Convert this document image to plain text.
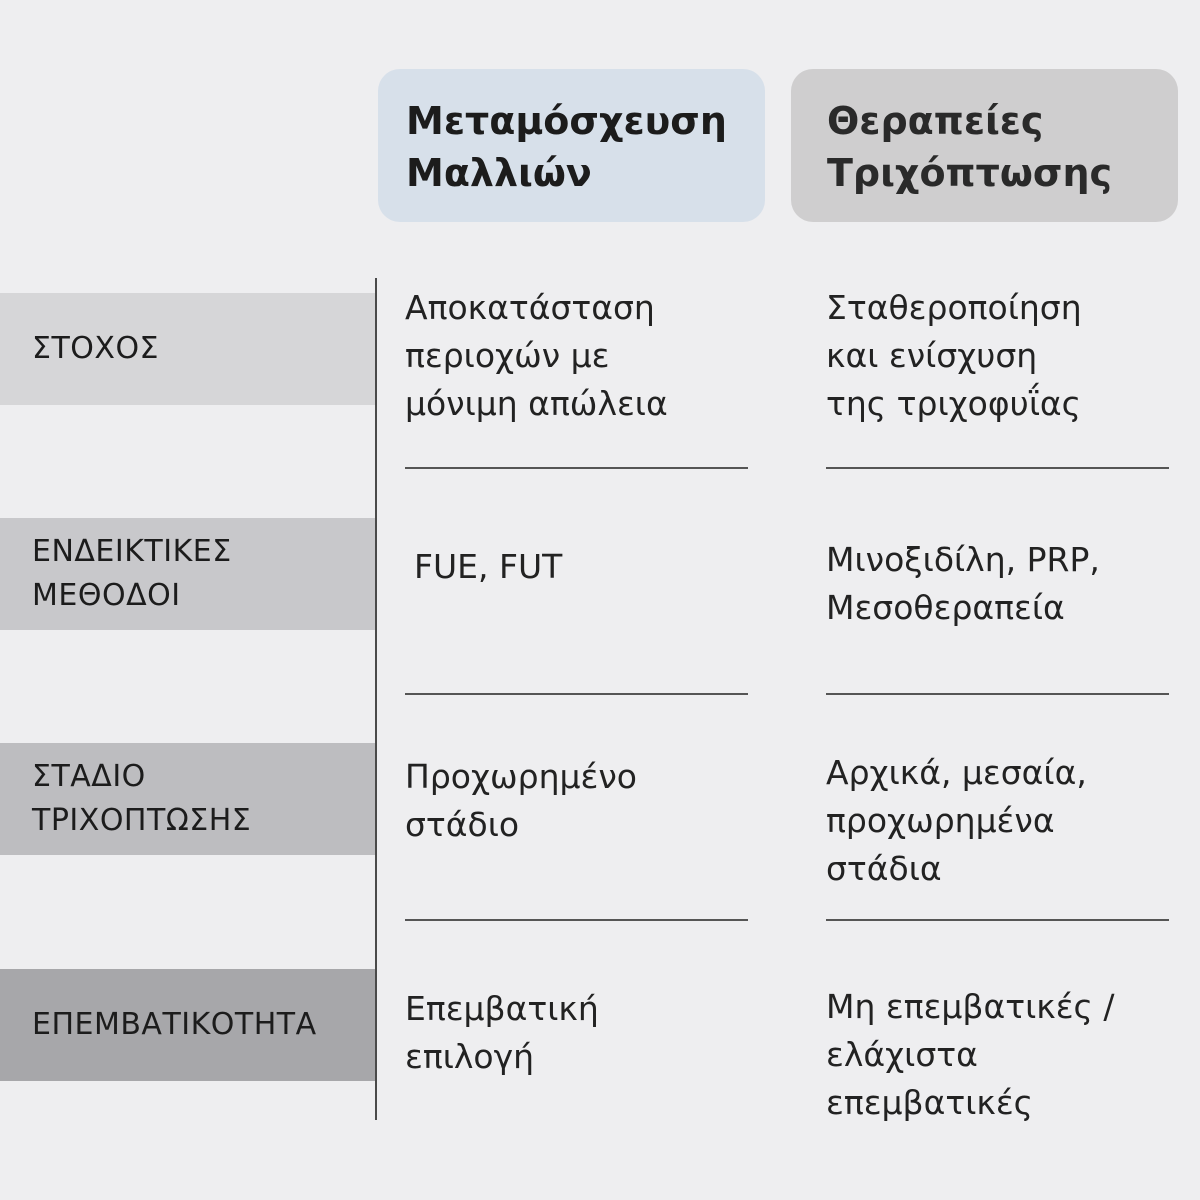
Μεταμόσχευση
Μαλλιών
Θεραπείες
Τριχόπτωσης
ΣΤΟΧΟΣ
Αποκατάσταση
περιοχών με
μόνιμη απώλεια
Σταθεροποίηση
και ενίσχυση
της τριχοφυΐας
ΕΝΔΕΙΚΤΙΚΕΣ
ΜΕΘΟΔΟΙ
FUE, FUT	Μινοξιδίλη, PRP,
Μεσοθεραπεία
ΣΤΑΔΙΟ
ΤΡΙΧΟΠΤΩΣΗΣ
Προχωρημένο
στάδιο
Αρχικά, μεσαία,
προχωρημένα
στάδια
ΕΠΕΜΒΑΤΙΚΟΤΗΤΑ	Επεμβατική
επιλογή
Μη επεμβατικές /
ελάχιστα
επεμβατικές
